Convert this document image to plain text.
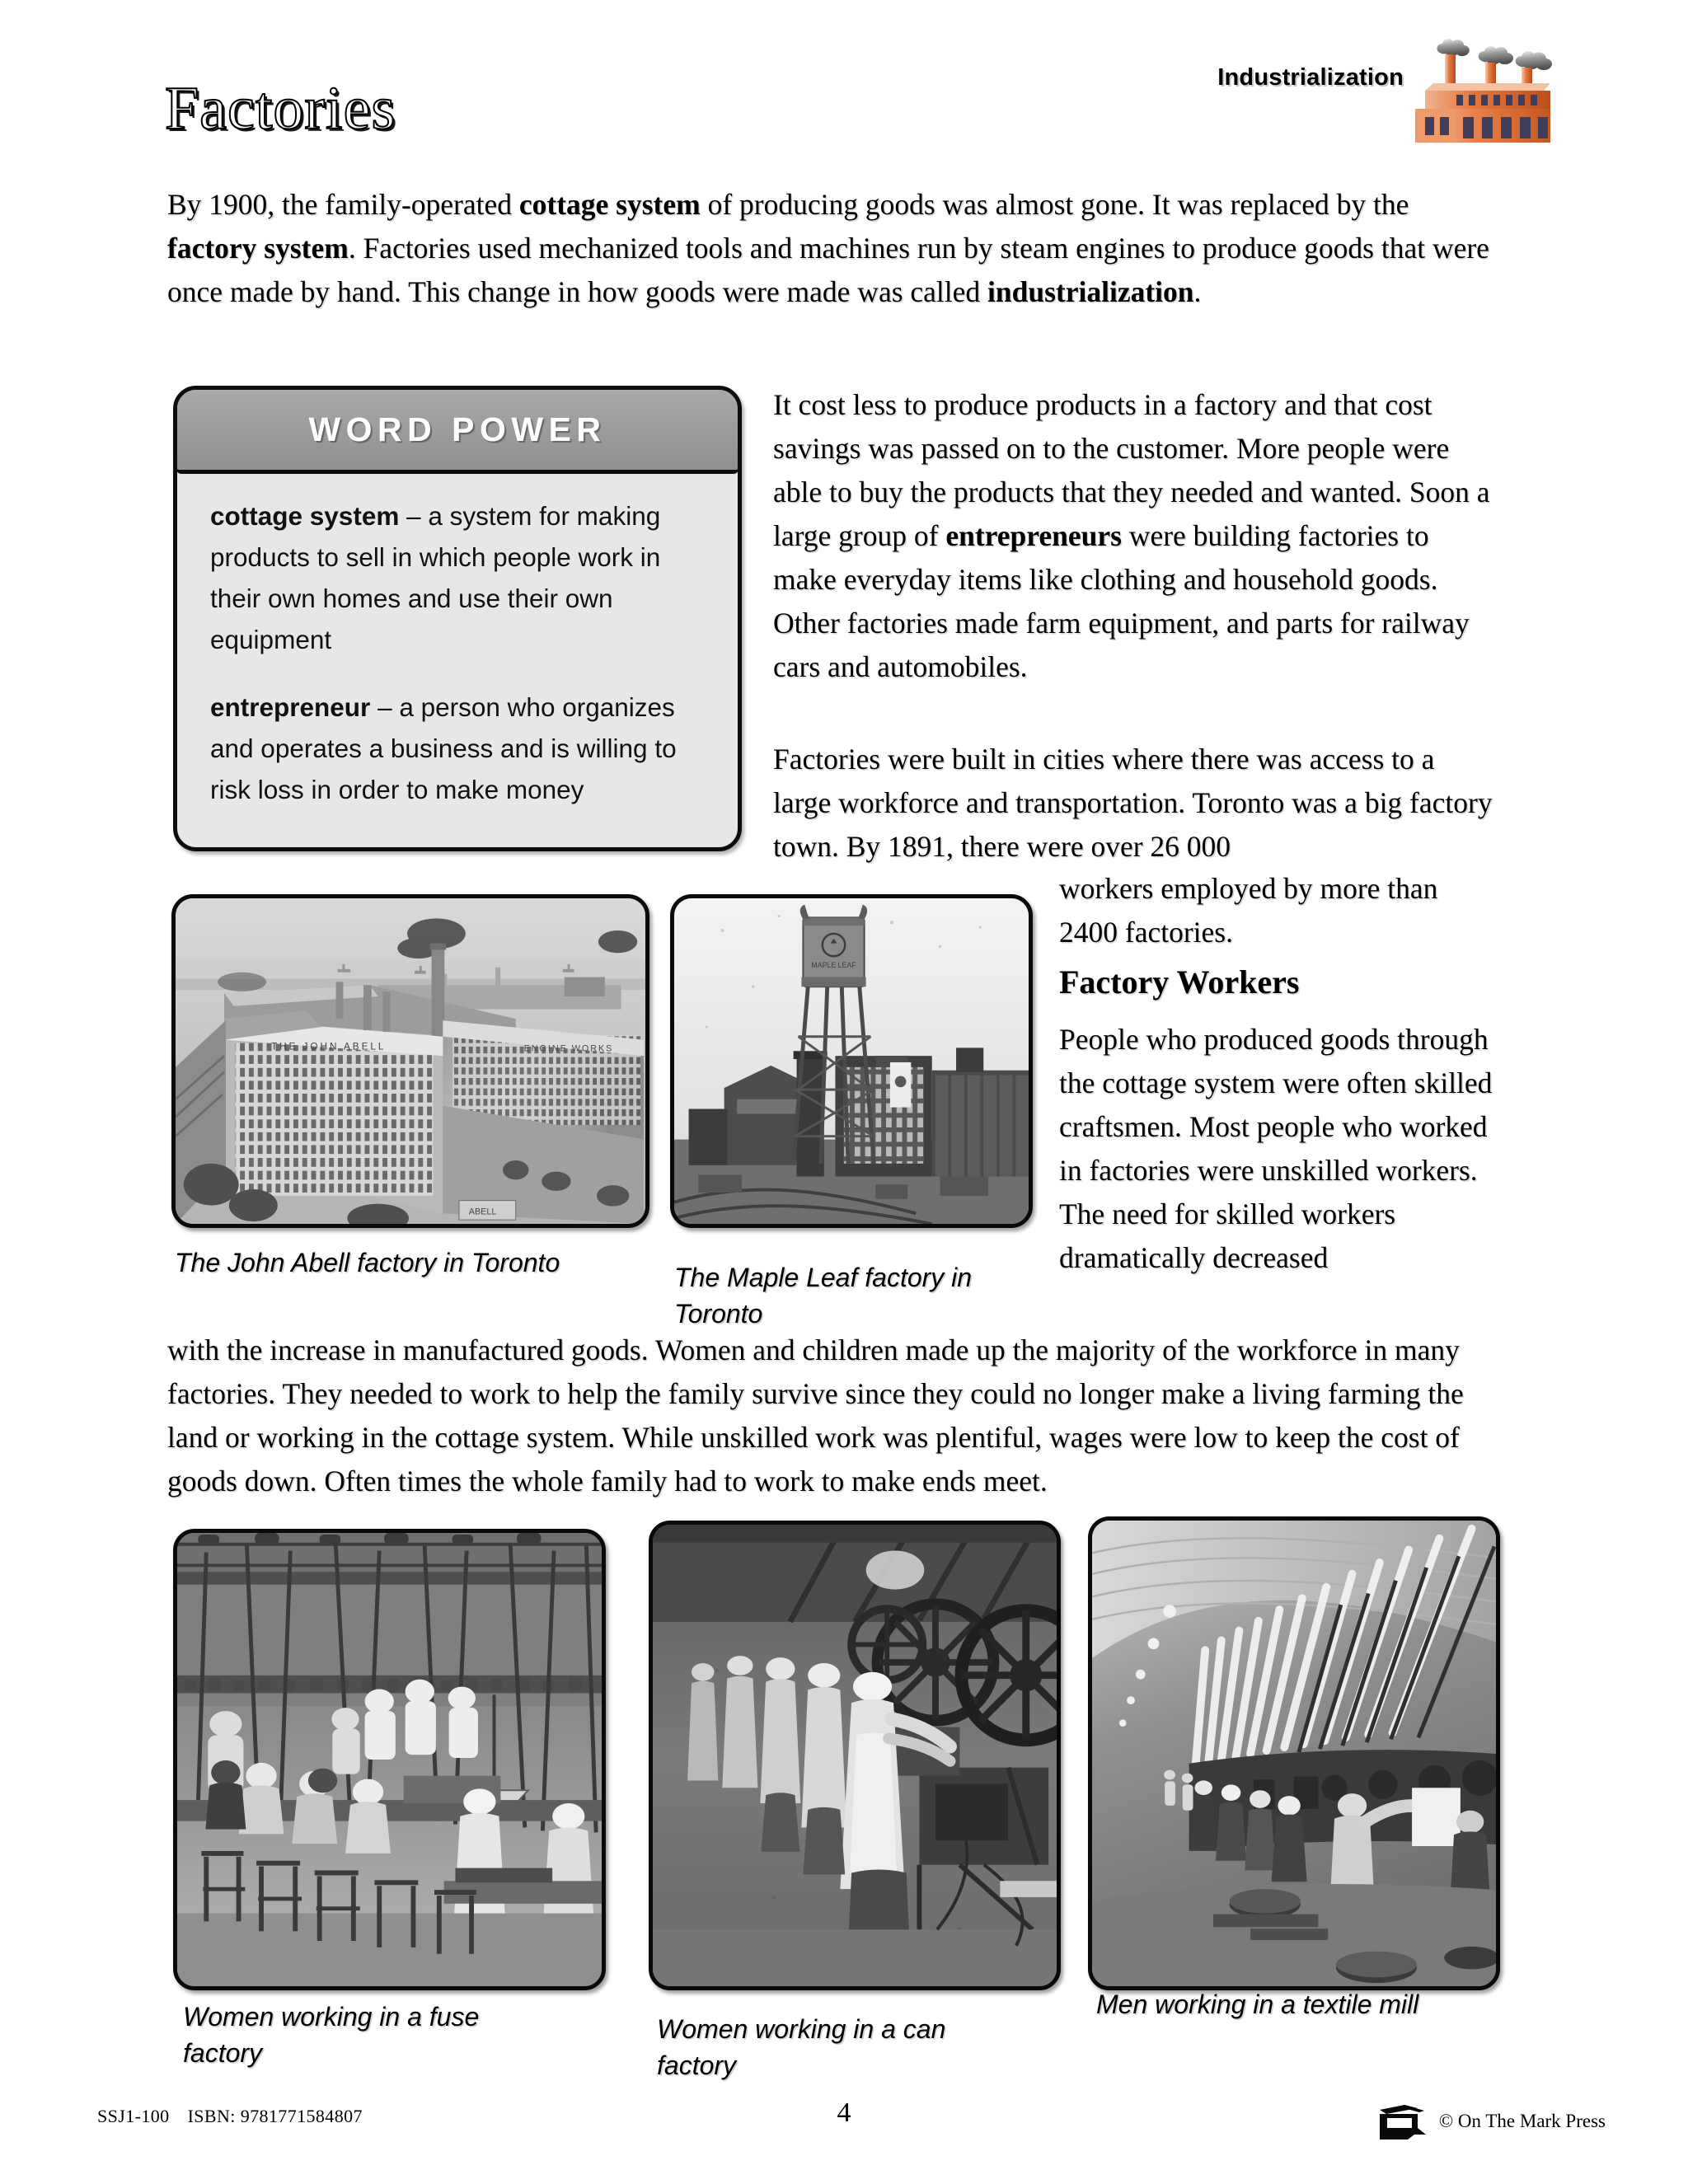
Factories	Industrialization
By 1900, the family-operated cottage system of producing goods was almost gone. It was replaced by the factory system. Factories used mechanized tools and machines run by steam engines to produce goods that were once made by hand. This change in how goods were made was called industrialization.
WORD POWER

cottage system – a system for making products to sell in which people work in their own homes and use their own equipment

entrepreneur – a person who organizes and operates a business and is willing to risk loss in order to make money

It cost less to produce products in a factory and that cost savings was passed on to the customer. More people were able to buy the products that they needed and wanted. Soon a large group of entrepreneurs were building factories to make everyday items like clothing and household goods. Other factories made farm equipment, and parts for railway cars and automobiles.
Factories were built in cities where there was access to a large workforce and transportation. Toronto was a big factory town. By 1891, there were over 26 000
workers employed by more than 2400 factories.
Factory Workers
People who produced goods through the cottage system were often skilled craftsmen. Most people who worked in factories were unskilled workers. The need for skilled workers dramatically decreased
ENGINE WORKS
THE JOHN ABELL
ABELL
The John Abell factory in Toronto
MAPLE LEAF
The Maple Leaf factory in Toronto
with the increase in manufactured goods. Women and children made up the majority of the workforce in many factories. They needed to work to help the family survive since they could no longer make a living farming the land or working in the cottage system. While unskilled work was plentiful, wages were low to keep the cost of goods down. Often times the whole family had to work to make ends meet.
Women working in a fuse factory
Women working in a can factory
Men working in a textile mill
SSJ1-100 ISBN: 9781771584807	4	© On The Mark Press
